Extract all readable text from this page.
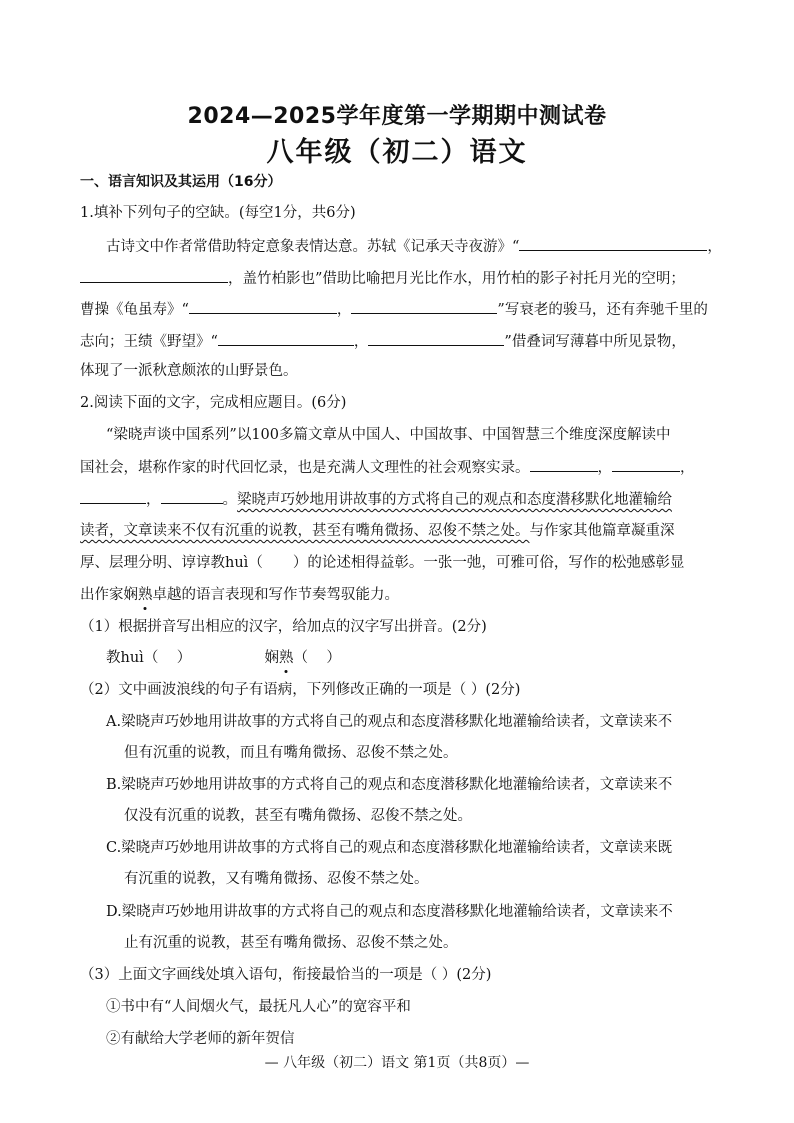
2024—2025学年度第一学期期中测试卷
八年级（初二）语文
一、语言知识及其运用（16分）
1.填补下列句子的空缺。(每空1分，共6分)
古诗文中作者常借助特定意象表情达意。苏轼《记承天寺夜游》“	，
，盖竹柏影也”借助比喻把月光比作水，用竹柏的影子衬托月光的空明；
曹操《龟虽寿》“	，	”写衰老的骏马，还有奔驰千里的
志向；王绩《野望》“	，	”借叠词写薄暮中所见景物，
体现了一派秋意颇浓的山野景色。
2.阅读下面的文字，完成相应题目。(6分)
“梁晓声谈中国系列”以100多篇文章从中国人、中国故事、中国智慧三个维度深度解读中
国社会，堪称作家的时代回忆录，也是充满人文理性的社会观察实录。	，	，
，	。梁晓声巧妙地用讲故事的方式将自己的观点和态度潜移默化地灌输给
读者，文章读来不仅有沉重的说教，甚至有嘴角微扬、忍俊不禁之处。与作家其他篇章凝重深
厚、层理分明、谆谆教huì（ ）的论述相得益彰。一张一弛，可雅可俗，写作的松弛感彰显
出作家娴熟卓越的语言表现和写作节奏驾驭能力。
（1）根据拼音写出相应的汉字，给加点的汉字写出拼音。(2分)
教huì（    ）	娴熟（    ）
（2）文中画波浪线的句子有语病，下列修改正确的一项是（ ）(2分)
A.梁晓声巧妙地用讲故事的方式将自己的观点和态度潜移默化地灌输给读者，文章读来不
但有沉重的说教，而且有嘴角微扬、忍俊不禁之处。
B.梁晓声巧妙地用讲故事的方式将自己的观点和态度潜移默化地灌输给读者，文章读来不
仅没有沉重的说教，甚至有嘴角微扬、忍俊不禁之处。
C.梁晓声巧妙地用讲故事的方式将自己的观点和态度潜移默化地灌输给读者，文章读来既
有沉重的说教，又有嘴角微扬、忍俊不禁之处。
D.梁晓声巧妙地用讲故事的方式将自己的观点和态度潜移默化地灌输给读者，文章读来不
止有沉重的说教，甚至有嘴角微扬、忍俊不禁之处。
（3）上面文字画线处填入语句，衔接最恰当的一项是（ ）(2分)
①书中有“人间烟火气，最抚凡人心”的宽容平和
②有献给大学老师的新年贺信
— 八年级（初二）语文 第1页（共8页）—
